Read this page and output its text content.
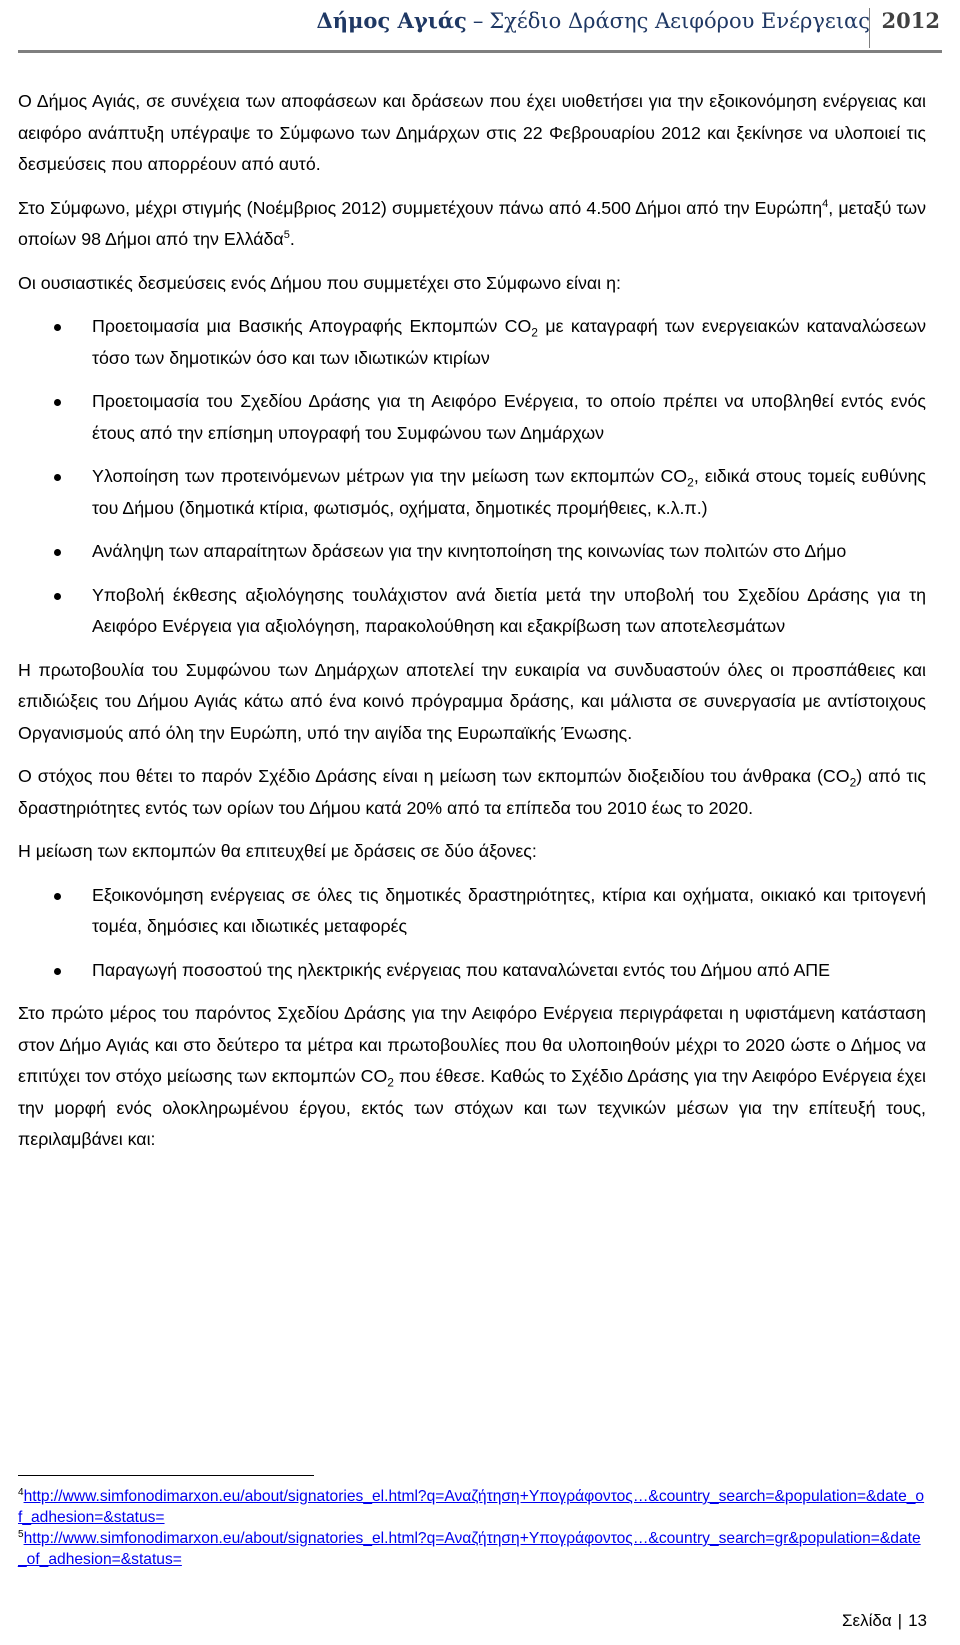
Δήμος Αγιάς – Σχέδιο Δράσης Αειφόρου Ενέργειας 2012

Ο Δήμος Αγιάς, σε συνέχεια των αποφάσεων και δράσεων που έχει υιοθετήσει για την εξοικονόμηση ενέργειας και αειφόρο ανάπτυξη υπέγραψε το Σύμφωνο των Δημάρχων στις 22 Φεβρουαρίου 2012 και ξεκίνησε να υλοποιεί τις δεσμεύσεις που απορρέουν από αυτό.

Στο Σύμφωνο, μέχρι στιγμής (Νοέμβριος 2012) συμμετέχουν πάνω από 4.500 Δήμοι από την Ευρώπη$^4$, μεταξύ των οποίων 98 Δήμοι από την Ελλάδα$^5$.

Οι ουσιαστικές δεσμεύσεις ενός Δήμου που συμμετέχει στο Σύμφωνο είναι η:

Προετοιμασία μια Βασικής Απογραφής Εκπομπών $CO_2$ με καταγραφή των ενεργειακών καταναλώσεων τόσο των δημοτικών όσο και των ιδιωτικών κτιρίων
Προετοιμασία του Σχεδίου Δράσης για τη Αειφόρο Ενέργεια, το οποίο πρέπει να υποβληθεί εντός ενός έτους από την επίσημη υπογραφή του Συμφώνου των Δημάρχων
Υλοποίηση των προτεινόμενων μέτρων για την μείωση των εκπομπών $CO_2$, ειδικά στους τομείς ευθύνης του Δήμου (δημοτικά κτίρια, φωτισμός, οχήματα, δημοτικές προμήθειες, κ.λ.π.)
Ανάληψη των απαραίτητων δράσεων για την κινητοποίηση της κοινωνίας των πολιτών στο Δήμο
Υποβολή έκθεσης αξιολόγησης τουλάχιστον ανά διετία μετά την υποβολή του Σχεδίου Δράσης για τη Αειφόρο Ενέργεια για αξιολόγηση, παρακολούθηση και εξακρίβωση των αποτελεσμάτων

Η πρωτοβουλία του Συμφώνου των Δημάρχων αποτελεί την ευκαιρία να συνδυαστούν όλες οι προσπάθειες και επιδιώξεις του Δήμου Αγιάς κάτω από ένα κοινό πρόγραμμα δράσης, και μάλιστα σε συνεργασία με αντίστοιχους Οργανισμούς από όλη την Ευρώπη, υπό την αιγίδα της Ευρωπαϊκής Ένωσης.

Ο στόχος που θέτει το παρόν Σχέδιο Δράσης είναι η μείωση των εκπομπών διοξειδίου του άνθρακα $(CO_2)$ από τις δραστηριότητες εντός των ορίων του Δήμου κατά 20% από τα επίπεδα του 2010 έως το 2020.

Η μείωση των εκπομπών θα επιτευχθεί με δράσεις σε δύο άξονες:

Εξοικονόμηση ενέργειας σε όλες τις δημοτικές δραστηριότητες, κτίρια και οχήματα, οικιακό και τριτογενή τομέα, δημόσιες και ιδιωτικές μεταφορές
Παραγωγή ποσοστού της ηλεκτρικής ενέργειας που καταναλώνεται εντός του Δήμου από ΑΠΕ

Στο πρώτο μέρος του παρόντος Σχεδίου Δράσης για την Αειφόρο Ενέργεια περιγράφεται η υφιστάμενη κατάσταση στον Δήμο Αγιάς και στο δεύτερο τα μέτρα και πρωτοβουλίες που θα υλοποιηθούν μέχρι το 2020 ώστε ο Δήμος να επιτύχει τον στόχο μείωσης των εκπομπών $CO_2$ που έθεσε. Καθώς το Σχέδιο Δράσης για την Αειφόρο Ενέργεια έχει την μορφή ενός ολοκληρωμένου έργου, εκτός των στόχων και των τεχνικών μέσων για την επίτευξή τους, περιλαμβάνει και:

$^4$http://www.simfonodimarxon.eu/about/signatories_el.html?q=Αναζήτηση+Υπογράφοντος…&country_search=&population=&date_of_adhesion=&status=
$^5$http://www.simfonodimarxon.eu/about/signatories_el.html?q=Αναζήτηση+Υπογράφοντος…&country_search=gr&population=&date_of_adhesion=&status=
Σελίδα | 13
